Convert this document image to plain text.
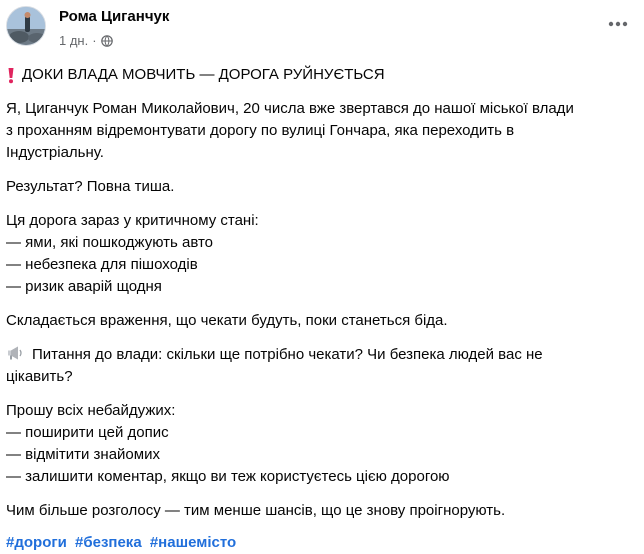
Рома Циганчук
1 дн. ·
ДОКИ ВЛАДА МОВЧИТЬ — ДОРОГА РУЙНУЄТЬСЯ
Я, Циганчук Роман Миколайович, 20 числа вже звертався до нашої міської влади
з проханням відремонтувати дорогу по вулиці Гончара, яка переходить в
Індустріальну.
Результат? Повна тиша.
Ця дорога зараз у критичному стані:
— ями, які пошкоджують авто
— небезпека для пішоходів
— ризик аварій щодня
Складається враження, що чекати будуть, поки станеться біда.
Питання до влади: скільки ще потрібно чекати? Чи безпека людей вас не
цікавить?
Прошу всіх небайдужих:
— поширити цей допис
— відмітити знайомих
— залишити коментар, якщо ви теж користуєтесь цією дорогою
Чим більше розголосу — тим менше шансів, що це знову проігнорують.
#дороги #безпека #нашемісто
